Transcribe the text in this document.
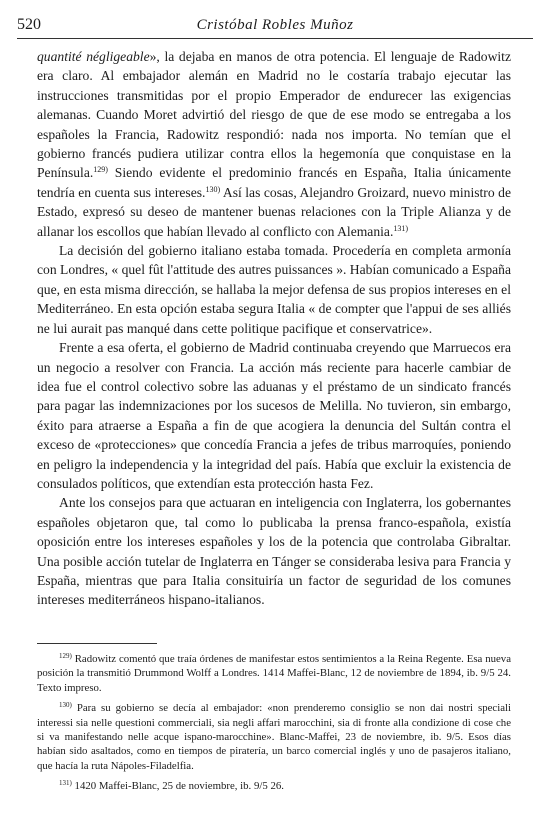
520	Cristóbal Robles Muñoz

quantité négligeable», la dejaba en manos de otra potencia. El lenguaje de Radowitz era claro. Al embajador alemán en Madrid no le costaría trabajo ejecutar las instrucciones transmitidas por el propio Emperador de endurecer las exigencias alemanas. Cuando Moret advirtió del riesgo de que de ese modo se entregaba a los españoles la Francia, Radowitz respondió: nada nos importa. No temían que el gobierno francés pudiera utilizar contra ellos la hegemonía que conquistase en la Península.$^{129)}$ Siendo evidente el predominio francés en España, Italia únicamente tendría en cuenta sus intereses.$^{130)}$ Así las cosas, Alejandro Groizard, nuevo ministro de Estado, expresó su deseo de mantener buenas relaciones con la Triple Alianza y de allanar los escollos que habían llevado al conflicto con Alemania.$^{131)}$

La decisión del gobierno italiano estaba tomada. Procedería en completa armonía con Londres, « quel fût l'attitude des autres puissances ». Habían comunicado a España que, en esta misma dirección, se hallaba la mejor defensa de sus propios intereses en el Mediterráneo. En esta opción estaba segura Italia « de compter que l'appui de ses alliés ne lui aurait pas manqué dans cette politique pacifique et conservatrice».

Frente a esa oferta, el gobierno de Madrid continuaba creyendo que Marruecos era un negocio a resolver con Francia. La acción más reciente para hacerle cambiar de idea fue el control colectivo sobre las aduanas y el préstamo de un sindicato francés para pagar las indemnizaciones por los sucesos de Melilla. No tuvieron, sin embargo, éxito para atraerse a España a fin de que acogiera la denuncia del Sultán contra el exceso de «protecciones» que concedía Francia a jefes de tribus marroquíes, poniendo en peligro la independencia y la integridad del país. Había que excluir la existencia de consulados políticos, que extendían esta protección hasta Fez.

Ante los consejos para que actuaran en inteligencia con Inglaterra, los gobernantes españoles objetaron que, tal como lo publicaba la prensa franco-española, existía oposición entre los intereses españoles y los de la potencia que controlaba Gibraltar. Una posible acción tutelar de Inglaterra en Tánger se consideraba lesiva para Francia y España, mientras que para Italia consituiría un factor de seguridad de los comunes intereses mediterráneos hispano-italianos.

$^{129)}$ Radowitz comentó que traía órdenes de manifestar estos sentimientos a la Reina Regente. Esa nueva posición la transmitió Drummond Wolff a Londres. 1414 Maffei-Blanc, 12 de noviembre de 1894, ib. 9/5 24. Texto impreso.

$^{130)}$ Para su gobierno se decía al embajador: «non prenderemo consiglio se non dai nostri speciali interessi sia nelle questioni commerciali, sia negli affari marocchini, sia di fronte alla condizione di cose che si va manifestando nelle acque ispano-marocchine». Blanc-Maffei, 23 de noviembre, ib. 9/5. Esos días habían sido asaltados, como en tiempos de piratería, un barco comercial inglés y uno de pasajeros italiano, que hacía la ruta Nápoles-Filadelfia.

$^{131)}$ 1420 Maffei-Blanc, 25 de noviembre, ib. 9/5 26.
